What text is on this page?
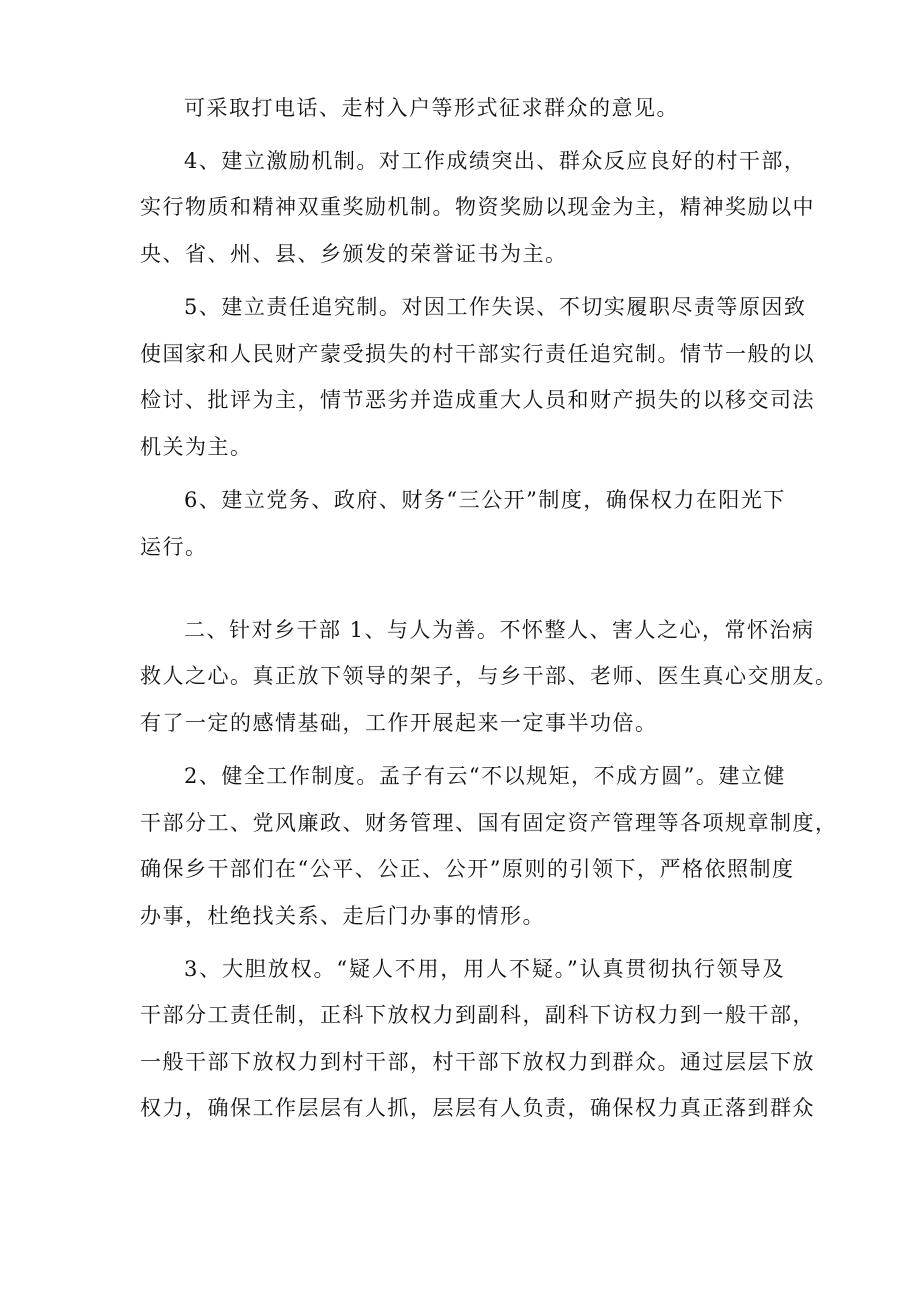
可采取打电话、走村入户等形式征求群众的意见。
4、建立激励机制。对工作成绩突出、群众反应良好的村干部，
实行物质和精神双重奖励机制。物资奖励以现金为主，精神奖励以中
央、省、州、县、乡颁发的荣誉证书为主。
5、建立责任追究制。对因工作失误、不切实履职尽责等原因致
使国家和人民财产蒙受损失的村干部实行责任追究制。情节一般的以
检讨、批评为主，情节恶劣并造成重大人员和财产损失的以移交司法
机关为主。
6、建立党务、政府、财务“三公开”制度，确保权力在阳光下
运行。
二、针对乡干部 1、与人为善。不怀整人、害人之心，常怀治病
救人之心。真正放下领导的架子，与乡干部、老师、医生真心交朋友。
有了一定的感情基础，工作开展起来一定事半功倍。
2、健全工作制度。孟子有云“不以规矩，不成方圆”。建立健
干部分工、党风廉政、财务管理、国有固定资产管理等各项规章制度，
确保乡干部们在“公平、公正、公开”原则的引领下，严格依照制度
办事，杜绝找关系、走后门办事的情形。
3、大胆放权。“疑人不用，用人不疑。”认真贯彻执行领导及
干部分工责任制，正科下放权力到副科，副科下访权力到一般干部，
一般干部下放权力到村干部，村干部下放权力到群众。通过层层下放
权力，确保工作层层有人抓，层层有人负责，确保权力真正落到群众
